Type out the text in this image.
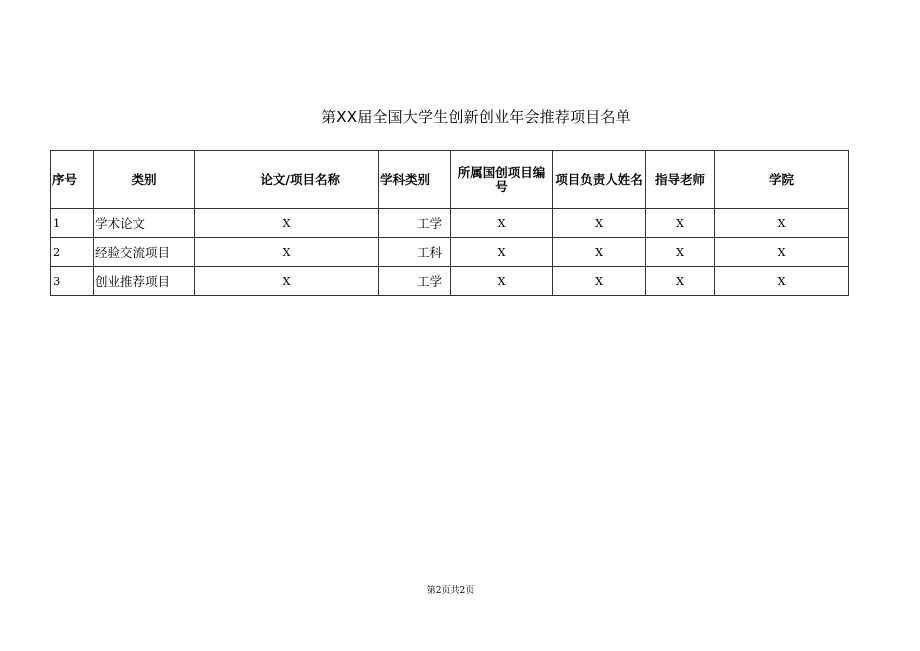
第XX届全国大学生创新创业年会推荐项目名单
序号	类别	论文/项目名称	学科类别	所属国创项目编号	项目负责人姓名	指导老师	学院
1	学术论文	X	工学	X	X	X	X
2	经验交流项目	X	工科	X	X	X	X
3	创业推荐项目	X	工学	X	X	X	X
第2页共2页
